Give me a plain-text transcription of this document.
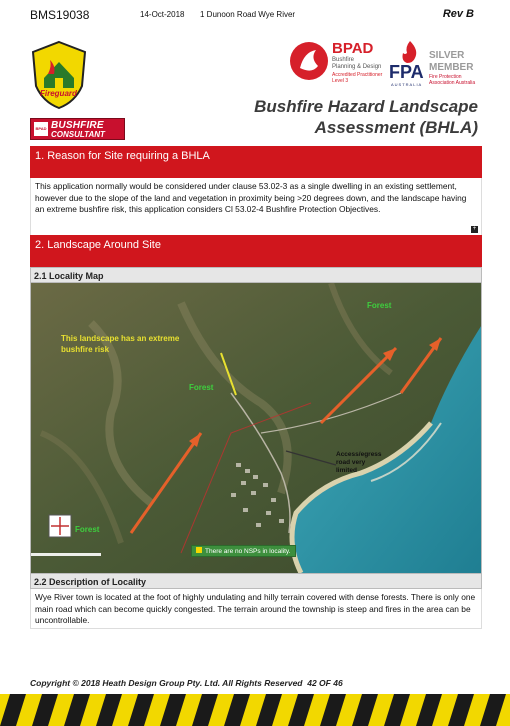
BMS19038	14-Oct-2018 1 Dunoon Road Wye River	Rev B
Fireguard
BPAD BUSHFIRE
CONSULTANT
BPAD
Bushfire
Planning & Design
Accredited Practitioner
Level 3 FPA
AUSTRALIA
SILVER
MEMBER
Fire Protection
Association Australia
Bushfire Hazard Landscape
Assessment (BHLA)
1. Reason for Site requiring a BHLA
This application normally would be considered under clause 53.02-3 as a single dwelling in an existing settlement, however due to the slope of the land and vegetation in proximity being >20 degrees down, and the landscape having an extreme bushfire risk, this application considers Cl 53.02-4 Bushfire Protection Objectives.
+
2. Landscape Around Site
2.1 Locality Map
This landscape has an extreme
bushfire risk
Forest
Forest
Forest
Access/egress
road very
limited
There are no NSPs in locality.
2.2 Description of Locality
Wye River town is located at the foot of highly undulating and hilly terrain covered with dense forests. There is only one main road which can become quickly congested. The terrain around the township is steep and fires in the area can be uncontrollable.
Copyright © 2018 Heath Design Group Pty. Ltd. All Rights Reserved 42 OF 46
